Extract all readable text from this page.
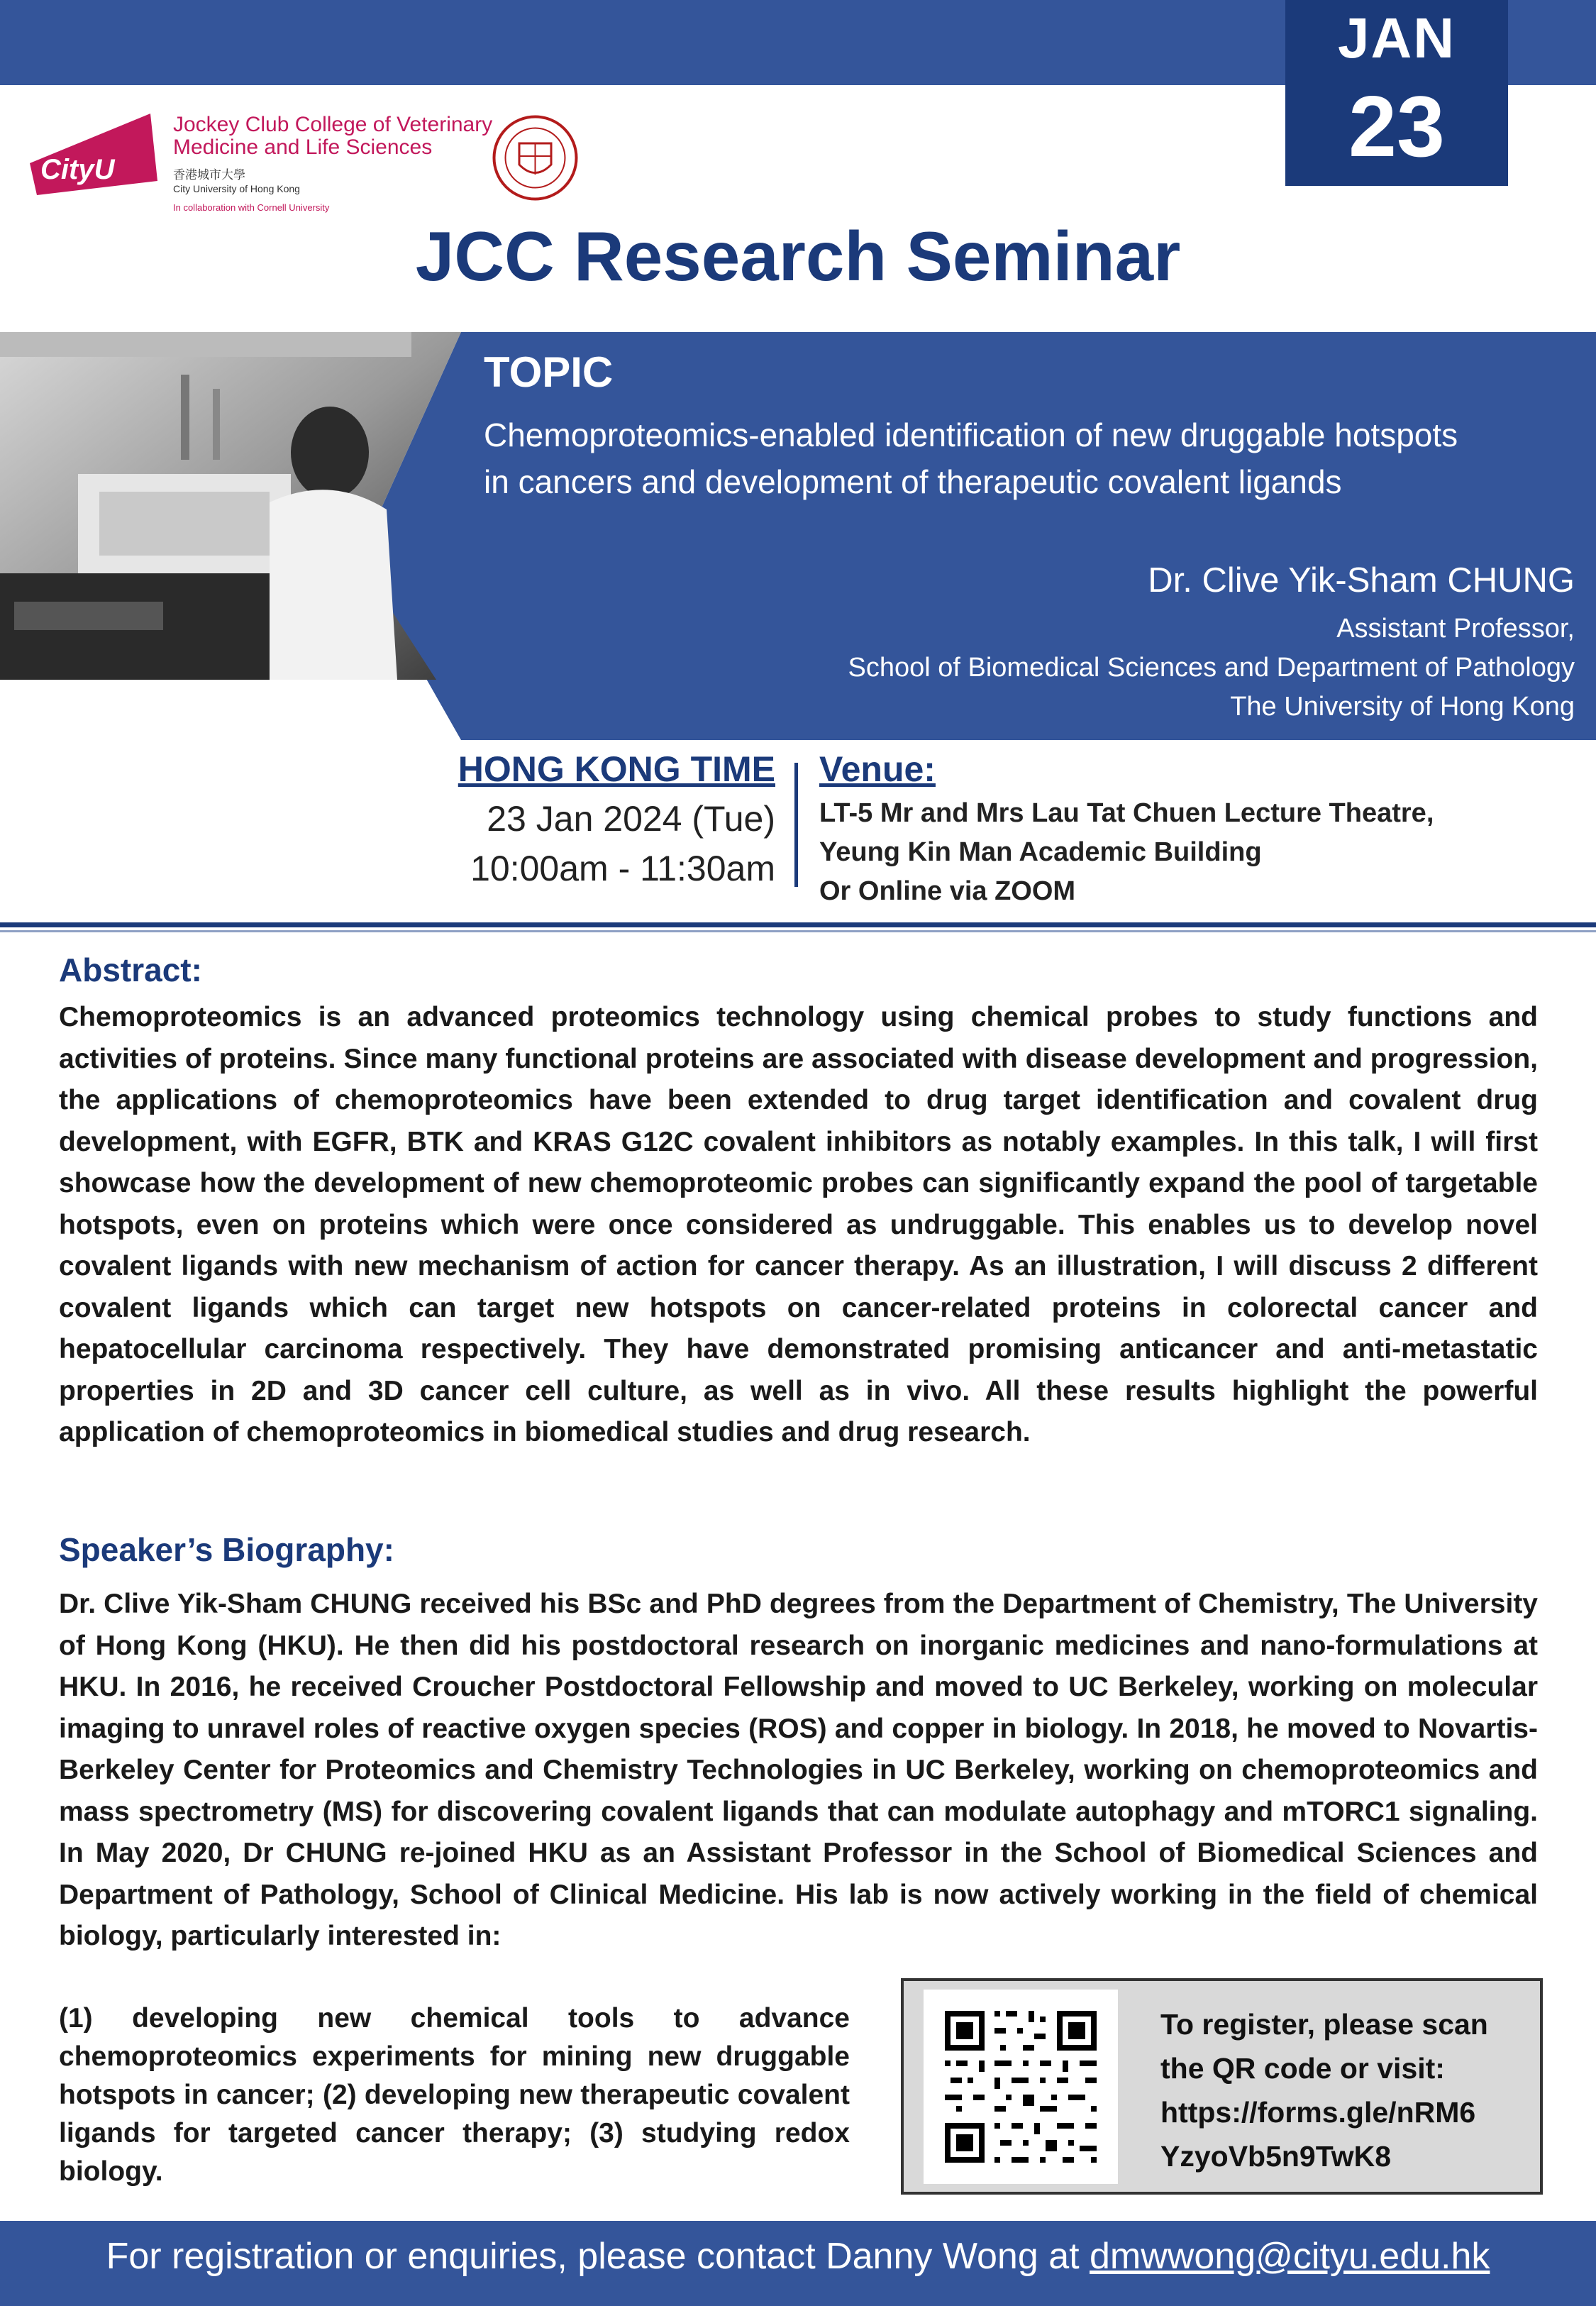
JAN
23
CityU
Jockey Club College of Veterinary
Medicine and Life Sciences
香港城市大學
City University of Hong Kong
In collaboration with Cornell University
JCC Research Seminar
TOPIC
Chemoproteomics-enabled identification of new druggable hotspots
in cancers and development of therapeutic covalent ligands
Dr. Clive Yik-Sham CHUNG
Assistant Professor,
School of Biomedical Sciences and Department of Pathology
The University of Hong Kong
HONG KONG TIME
23 Jan 2024 (Tue)
10:00am - 11:30am
Venue:
LT-5 Mr and Mrs Lau Tat Chuen Lecture Theatre,
Yeung Kin Man Academic Building
Or Online via ZOOM
Abstract:
Chemoproteomics is an advanced proteomics technology using chemical probes to study functions and activities of proteins. Since many functional proteins are associated with disease development and progression, the applications of chemoproteomics have been extended to drug target identification and covalent drug development, with EGFR, BTK and KRAS G12C covalent inhibitors as notably examples. In this talk, I will first showcase how the development of new chemoproteomic probes can significantly expand the pool of targetable hotspots, even on proteins which were once considered as undruggable. This enables us to develop novel covalent ligands with new mechanism of action for cancer therapy. As an illustration, I will discuss 2 different covalent ligands which can target new hotspots on cancer-related proteins in colorectal cancer and hepatocellular carcinoma respectively. They have demonstrated promising anticancer and anti-metastatic properties in 2D and 3D cancer cell culture, as well as in vivo. All these results highlight the powerful application of chemoproteomics in biomedical studies and drug research.
Speaker’s Biography:
Dr. Clive Yik-Sham CHUNG received his BSc and PhD degrees from the Department of Chemistry, The University of Hong Kong (HKU). He then did his postdoctoral research on inorganic medicines and nano-formulations at HKU. In 2016, he received Croucher Postdoctoral Fellowship and moved to UC Berkeley, working on molecular imaging to unravel roles of reactive oxygen species (ROS) and copper in biology. In 2018, he moved to Novartis-Berkeley Center for Proteomics and Chemistry Technologies in UC Berkeley, working on chemoproteomics and mass spectrometry (MS) for discovering covalent ligands that can modulate autophagy and mTORC1 signaling. In May 2020, Dr CHUNG re-joined HKU as an Assistant Professor in the School of Biomedical Sciences and Department of Pathology, School of Clinical Medicine. His lab is now actively working in the field of chemical biology, particularly interested in:
(1) developing new chemical tools to advance chemoproteomics experiments for mining new druggable hotspots in cancer; (2) developing new therapeutic covalent ligands for targeted cancer therapy; (3) studying redox biology.
To register, please scan
the QR code or visit:
https://forms.gle/nRM6
YzyoVb5n9TwK8
For registration or enquiries, please contact Danny Wong at dmwwong@cityu.edu.hk
